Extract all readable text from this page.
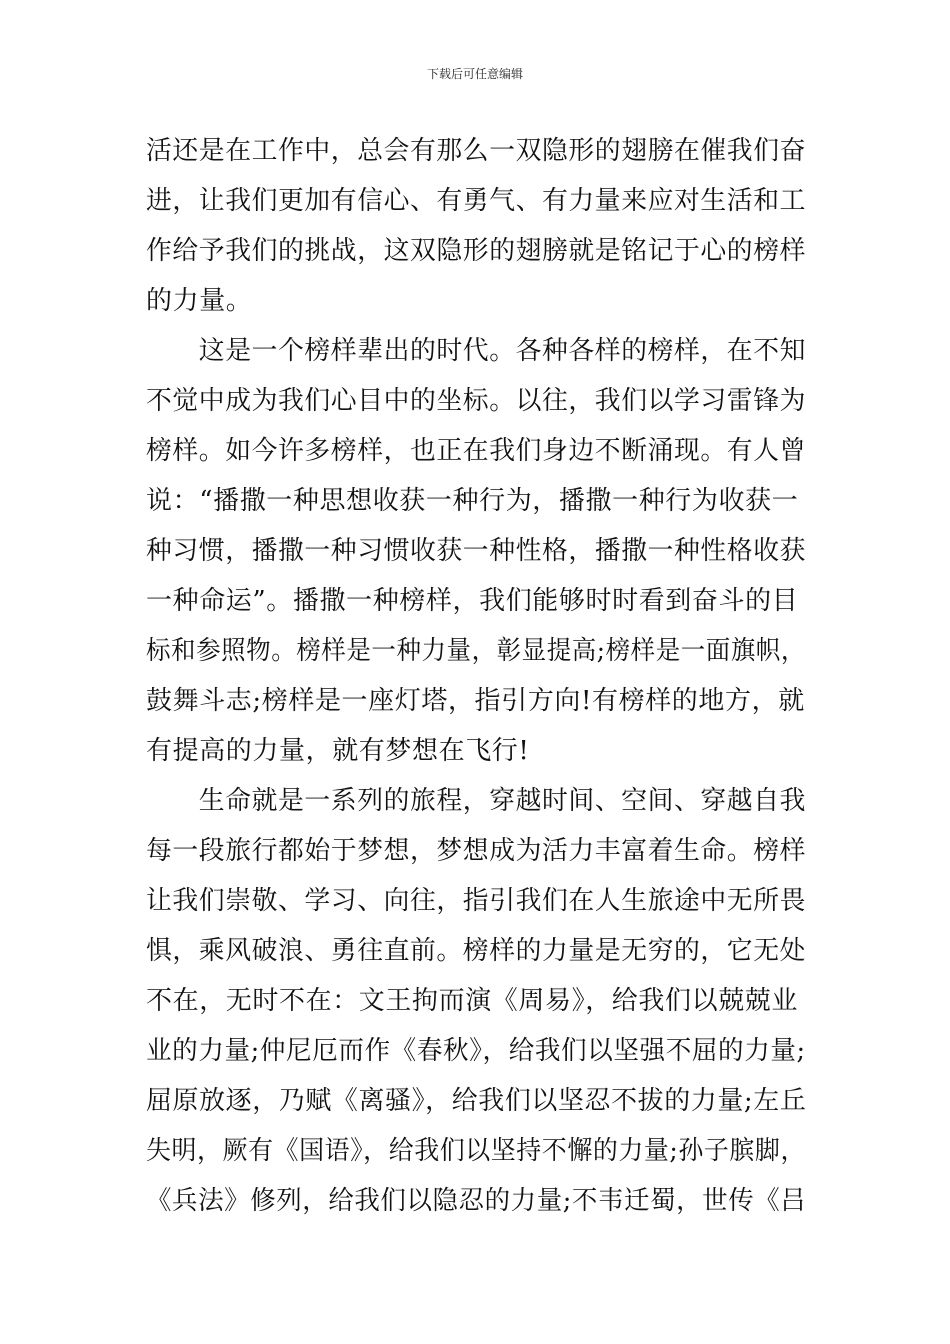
下载后可任意编辑
活还是在工作中，总会有那么一双隐形的翅膀在催我们奋
进，让我们更加有信心、有勇气、有力量来应对生活和工
作给予我们的挑战，这双隐形的翅膀就是铭记于心的榜样
的力量。
　　这是一个榜样辈出的时代。各种各样的榜样，在不知
不觉中成为我们心目中的坐标。以往，我们以学习雷锋为
榜样。如今许多榜样，也正在我们身边不断涌现。有人曾
说：“播撒一种思想收获一种行为，播撒一种行为收获一
种习惯，播撒一种习惯收获一种性格，播撒一种性格收获
一种命运”。播撒一种榜样，我们能够时时看到奋斗的目
标和参照物。榜样是一种力量，彰显提高;榜样是一面旗帜，
鼓舞斗志;榜样是一座灯塔，指引方向!有榜样的地方，就
有提高的力量，就有梦想在飞行!
　　生命就是一系列的旅程，穿越时间、空间、穿越自我
每一段旅行都始于梦想，梦想成为活力丰富着生命。榜样
让我们崇敬、学习、向往，指引我们在人生旅途中无所畏
惧，乘风破浪、勇往直前。榜样的力量是无穷的，它无处
不在，无时不在：文王拘而演《周易》，给我们以兢兢业
业的力量;仲尼厄而作《春秋》，给我们以坚强不屈的力量;
屈原放逐，乃赋《离骚》，给我们以坚忍不拔的力量;左丘
失明，厥有《国语》，给我们以坚持不懈的力量;孙子膑脚，
《兵法》修列，给我们以隐忍的力量;不韦迁蜀，世传《吕
